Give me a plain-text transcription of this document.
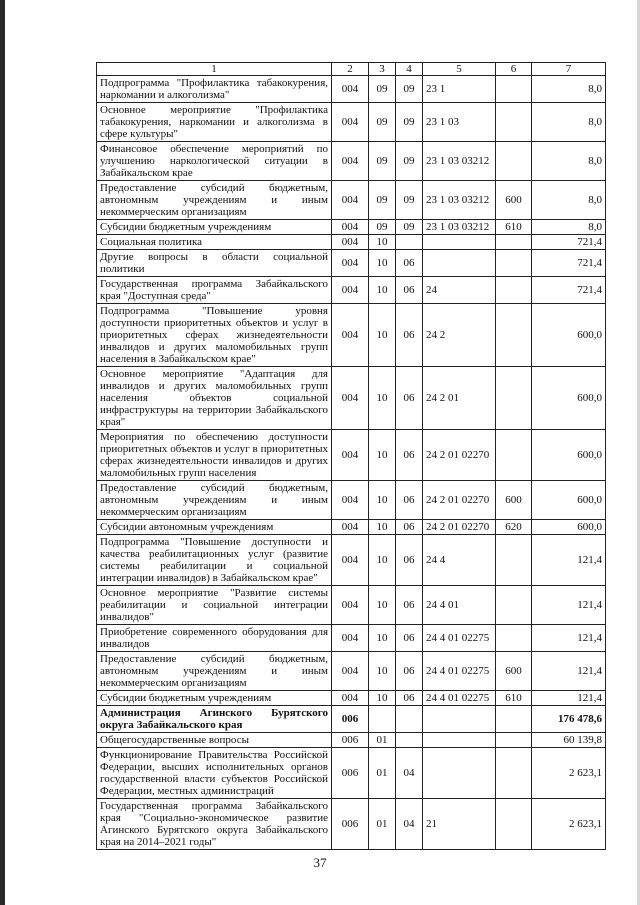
1	2	3	4	5	6	7
Подпрограмма "Профилактика табакокурения, наркомании и алкоголизма"	004	09	09	23 1		8,0
Основное мероприятие "Профилактика табакокурения, наркомании и алкоголизма в сфере культуры"	004	09	09	23 1 03		8,0
Финансовое обеспечение мероприятий по улучшению наркологической ситуации в Забайкальском крае	004	09	09	23 1 03 03212		8,0
Предоставление субсидий бюджетным, автономным учреждениям и иным некоммерческим организациям	004	09	09	23 1 03 03212	600	8,0
Субсидии бюджетным учреждениям	004	09	09	23 1 03 03212	610	8,0
Социальная политика	004	10				721,4
Другие вопросы в области социальной политики	004	10	06			721,4
Государственная программа Забайкальского края "Доступная среда"	004	10	06	24		721,4
Подпрограмма "Повышение уровня доступности приоритетных объектов и услуг в приоритетных сферах жизнедеятельности инвалидов и других маломобильных групп населения в Забайкальском крае"	004	10	06	24 2		600,0
Основное мероприятие "Адаптация для инвалидов и других маломобильных групп населения объектов социальной инфраструктуры на территории Забайкальского края"	004	10	06	24 2 01		600,0
Мероприятия по обеспечению доступности приоритетных объектов и услуг в приоритетных сферах жизнедеятельности инвалидов и других маломобильных групп населения	004	10	06	24 2 01 02270		600,0
Предоставление субсидий бюджетным, автономным учреждениям и иным некоммерческим организациям	004	10	06	24 2 01 02270	600	600,0
Субсидии автономным учреждениям	004	10	06	24 2 01 02270	620	600,0
Подпрограмма "Повышение доступности и качества реабилитационных услуг (развитие системы реабилитации и социальной интеграции инвалидов) в Забайкальском крае"	004	10	06	24 4		121,4
Основное мероприятие "Развитие системы реабилитации и социальной интеграции инвалидов"	004	10	06	24 4 01		121,4
Приобретение современного оборудования для инвалидов	004	10	06	24 4 01 02275		121,4
Предоставление субсидий бюджетным, автономным учреждениям и иным некоммерческим организациям	004	10	06	24 4 01 02275	600	121,4
Субсидии бюджетным учреждениям	004	10	06	24 4 01 02275	610	121,4
Администрация Агинского Бурятского округа Забайкальского края	006					176 478,6
Общегосударственные вопросы	006	01				60 139,8
Функционирование Правительства Российской Федерации, высших исполнительных органов государственной власти субъектов Российской Федерации, местных администраций	006	01	04			2 623,1
Государственная программа Забайкальского края "Социально-экономическое развитие Агинского Бурятского округа Забайкальского края на 2014–2021 годы"	006	01	04	21		2 623,1
37
